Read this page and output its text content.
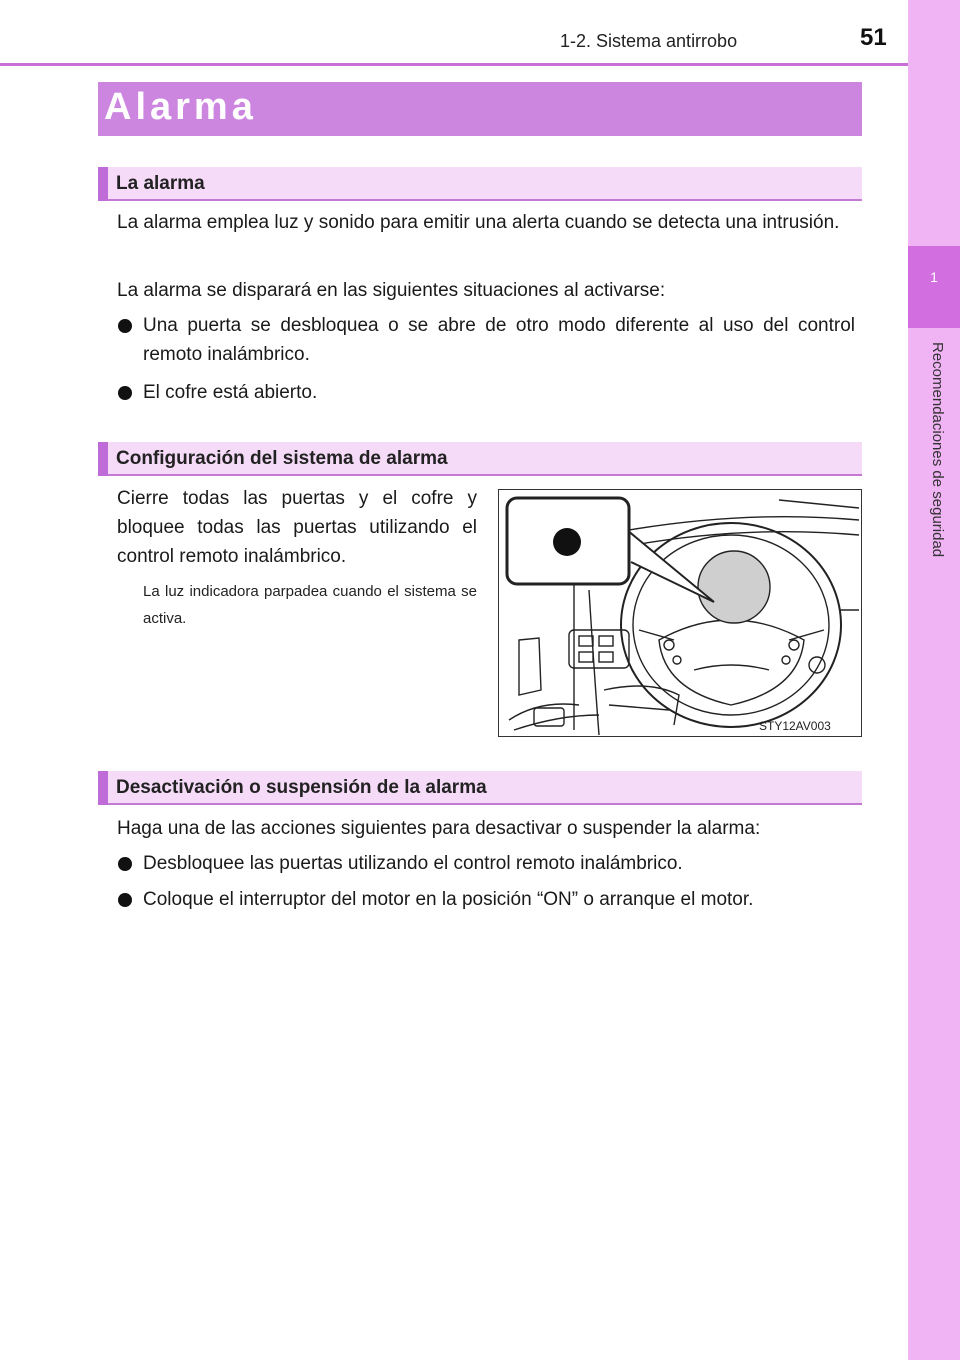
1-2. Sistema antirrobo	51
1
Recomendaciones de seguridad
Alarma
La alarma
La alarma emplea luz y sonido para emitir una alerta cuando se detecta una intrusión.
La alarma se disparará en las siguientes situaciones al activarse:
Una puerta se desbloquea o se abre de otro modo diferente al uso del control remoto inalámbrico.
El cofre está abierto.
Configuración del sistema de alarma
Cierre todas las puertas y el cofre y bloquee todas las puertas utilizando el control remoto inalámbrico.
La luz indicadora parpadea cuando el sistema se activa.
STY12AV003
Desactivación o suspensión de la alarma
Haga una de las acciones siguientes para desactivar o suspender la alarma:
Desbloquee las puertas utilizando el control remoto inalámbrico.
Coloque el interruptor del motor en la posición “ON” o arranque el motor.
